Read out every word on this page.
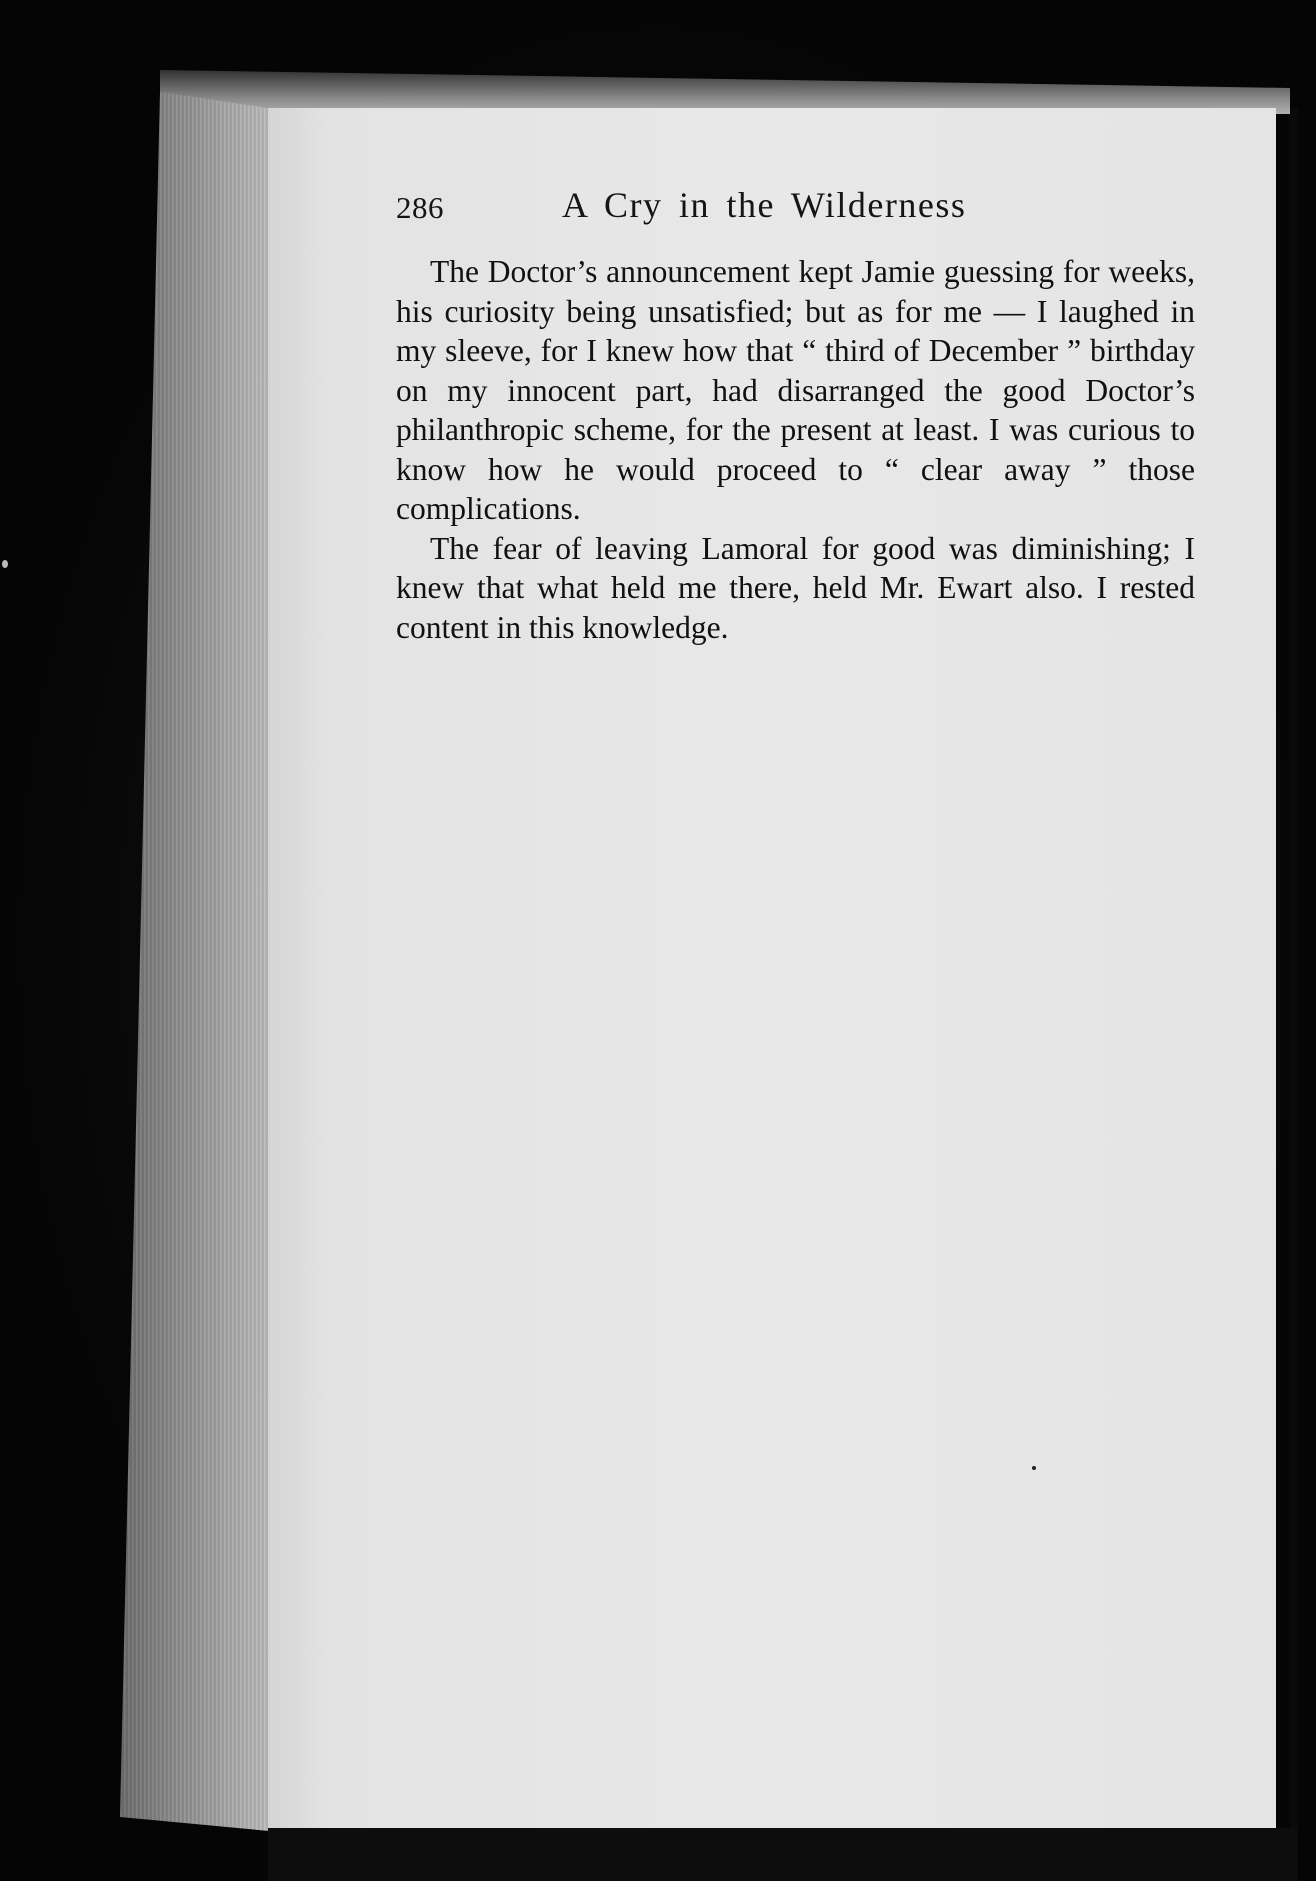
286	A Cry in the Wilderness

The Doctor’s announcement kept Jamie guessing for weeks, his curiosity being unsatisfied; but as for me — I laughed in my sleeve, for I knew how that “ third of December ” birthday on my innocent part, had disarranged the good Doctor’s philanthropic scheme, for the present at least. I was curious to know how he would proceed to “ clear away ” those complications.

The fear of leaving Lamoral for good was diminishing; I knew that what held me there, held Mr. Ewart also. I rested content in this knowledge.
